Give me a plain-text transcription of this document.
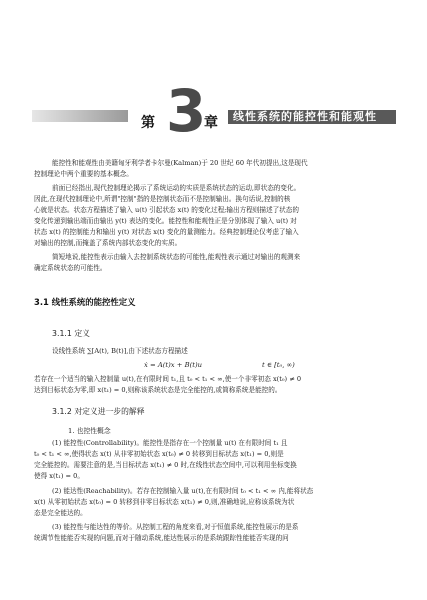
第 3
章 线性系统的能控性和能观性
能控性和能观性由美籍匈牙利学者卡尔曼(Kalman)于 20 世纪 60 年代初提出,这是现代
控制理论中两个重要的基本概念。
前面已经指出,现代控制理论揭示了系统运动的实质是系统状态的运动,即状态的变化。
因此,在现代控制理论中,所谓"控制"指的是控制状态而不是控制输出。换句话说,控制的核
心就是状态。状态方程描述了输入 u(t) 引起状态 x(t) 的变化过程;输出方程则描述了状态的
变化传递到输出端而由输出 y(t) 表达的变化。能控性和能观性正是分别体现了输入 u(t) 对
状态 x(t) 的控制能力和输出 y(t) 对状态 x(t) 变化的量测能力。经典控制理论仅考虑了输入
对输出的控制,而掩盖了系统内部状态变化的实质。
简短地说,能控性表示由输入去控制系统状态的可能性,能观性表示通过对输出的观测来
确定系统状态的可能性。
3.1 线性系统的能控性定义
3.1.1 定义
设线性系统 ∑[A(t), B(t)],由下述状态方程描述
ẋ = A(t)x + B(t)u	t ∈ [t₀, ∞)
若存在一个适当的输入控制量 u(t),在有限时间 t₁,且 t₀ < t₁ < ∞,使一个非零初态 x(t₀) ≠ 0
达到目标状态为零,即 x(t₁) = 0,则称该系统状态是完全能控的,或简称系统是能控的。
3.1.2 对定义进一步的解释
1. 也控性概念
(1) 能控性(Controllability)。能控性是指存在一个控制量 u(t) 在有限时间 t₁ 且
t₀ < t₁ < ∞,使得状态 x(t) 从非零初始状态 x(t₀) ≠ 0 转移到目标状态 x(t₁) = 0,则是
完全能控的。需要注意的是,当目标状态 x(t₁) ≠ 0 时,在线性状态空间中,可以利用坐标变换
使得 x(t₁) = 0。
(2) 能达性(Reachability)。若存在控制输入量 u(t),在有限时间 t₀ < t₁ < ∞ 内,能将状态
x(t) 从零初始状态 x(t₀) = 0 转移到非零目标状态 x(t₁) ≠ 0,则,准确地说,应称该系统为状
态是完全能达的。
(3) 能控性与能达性的等价。从控制工程的角度来看,对于恒值系统,能控性展示的是系
统调节性能能否实现的问题,而对于随动系统,能达性展示的是系统跟踪性能能否实现的问
